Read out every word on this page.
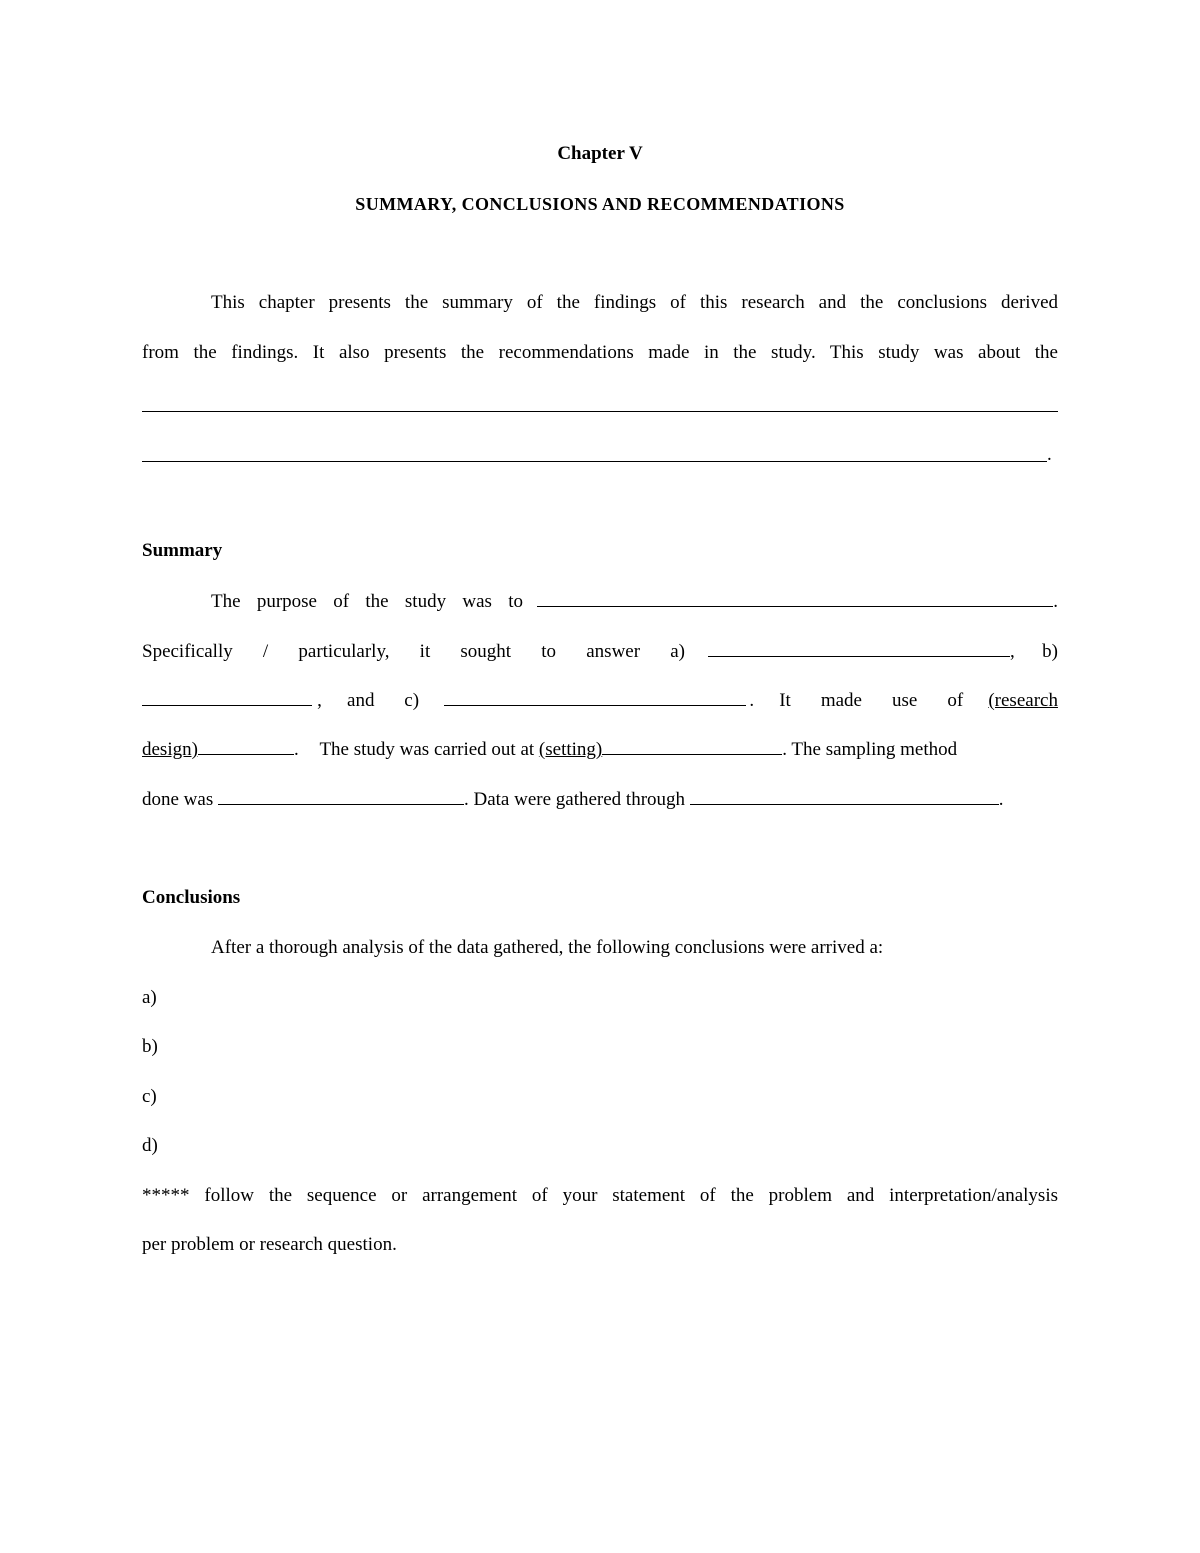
Chapter V
SUMMARY, CONCLUSIONS AND RECOMMENDATIONS
This chapter presents the summary of the findings of this research and the conclusions derived
from the findings. It also presents the recommendations made in the study. This study was about the
.
Summary
The purpose of the study was to	.
Specifically / particularly, it sought to answer a)	, b)
, and c)	. It made use of (research
design)	. The study was carried out at (setting)	. The sampling method
done was	. Data were gathered through	.
Conclusions
After a thorough analysis of the data gathered, the following conclusions were arrived a:
a)
b)
c)
d)
***** follow the sequence or arrangement of your statement of the problem and interpretation/analysis
per problem or research question.
